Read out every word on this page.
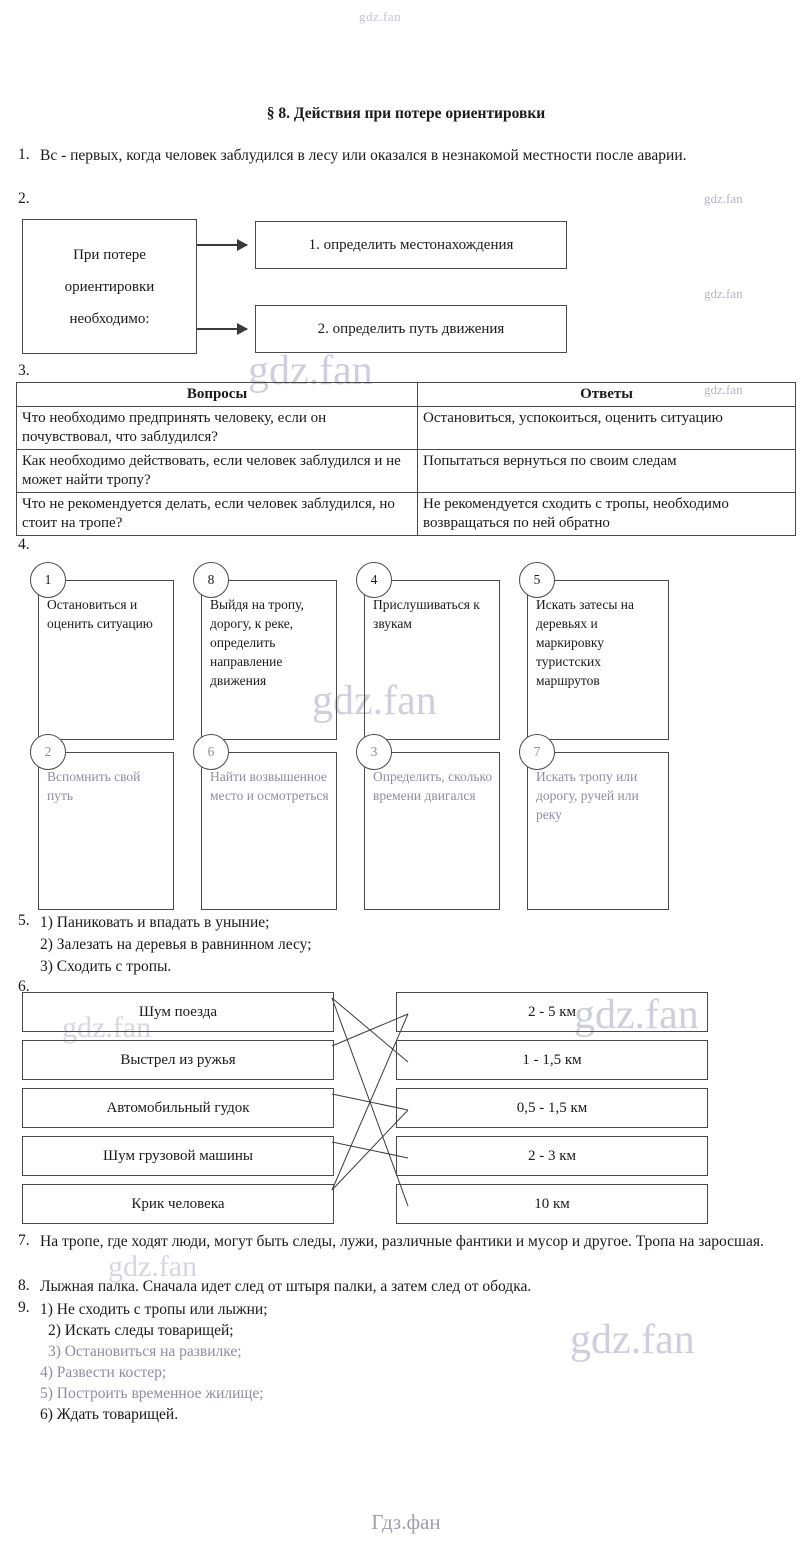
gdz.fan
gdz.fan
gdz.fan
gdz.fan
gdz.fan
gdz.fan
gdz.fan	gdz.fan
gdz.fan
gdz.fan
§ 8. Действия при потере ориентировки
1. Вс - первых, когда человек заблудился в лесу или оказался в незнакомой местности после аварии.
2.
При потере
ориентировки
необходимо:
1. определить местонахождения
2. определить путь движения
3.
Вопросы	Ответы
Что необходимо предпринять человеку, если он почувствовал, что заблудился?	Остановиться, успокоиться, оценить ситуацию
Как необходимо действовать, если человек заблудился и не может найти тропу?	Попытаться вернуться по своим следам
Что не рекомендуется делать, если человек заблудился, но стоит на тропе?	Не рекомендуется сходить с тропы, необходимо возвращаться по ней обратно
4.
Остановиться и оценить ситуацию
1
Выйдя на тропу, дорогу, к реке, определить направление движения
8
Прислушиваться к звукам
4
Искать затесы на деревьях и маркировку туристских маршрутов
5
Вспомнить свой путь
2
Найти возвышенное место и осмотреться
6
Определить, сколько времени двигался
3
Искать тропу или дорогу, ручей или реку
7
5. 1) Паниковать и впадать в уныние;
2) Залезать на деревья в равнинном лесу;
3) Сходить с тропы.
6.
Шум поезда
Выстрел из ружья
Автомобильный гудок
Шум грузовой машины
Крик человека
2 - 5 км
1 - 1,5 км
0,5 - 1,5 км
2 - 3 км
10 км
7. На тропе, где ходят люди, могут быть следы, лужи, различные фантики и мусор и другое. Тропа на заросшая.
8. Лыжная палка. Сначала идет след от штыря палки, а затем след от ободка.
9. 1) Не сходить с тропы или лыжни;
2) Искать следы товарищей;
3) Остановиться на развилке;
4) Развести костер;
5) Построить временное жилище;
6) Ждать товарищей.
Гдз.фан
